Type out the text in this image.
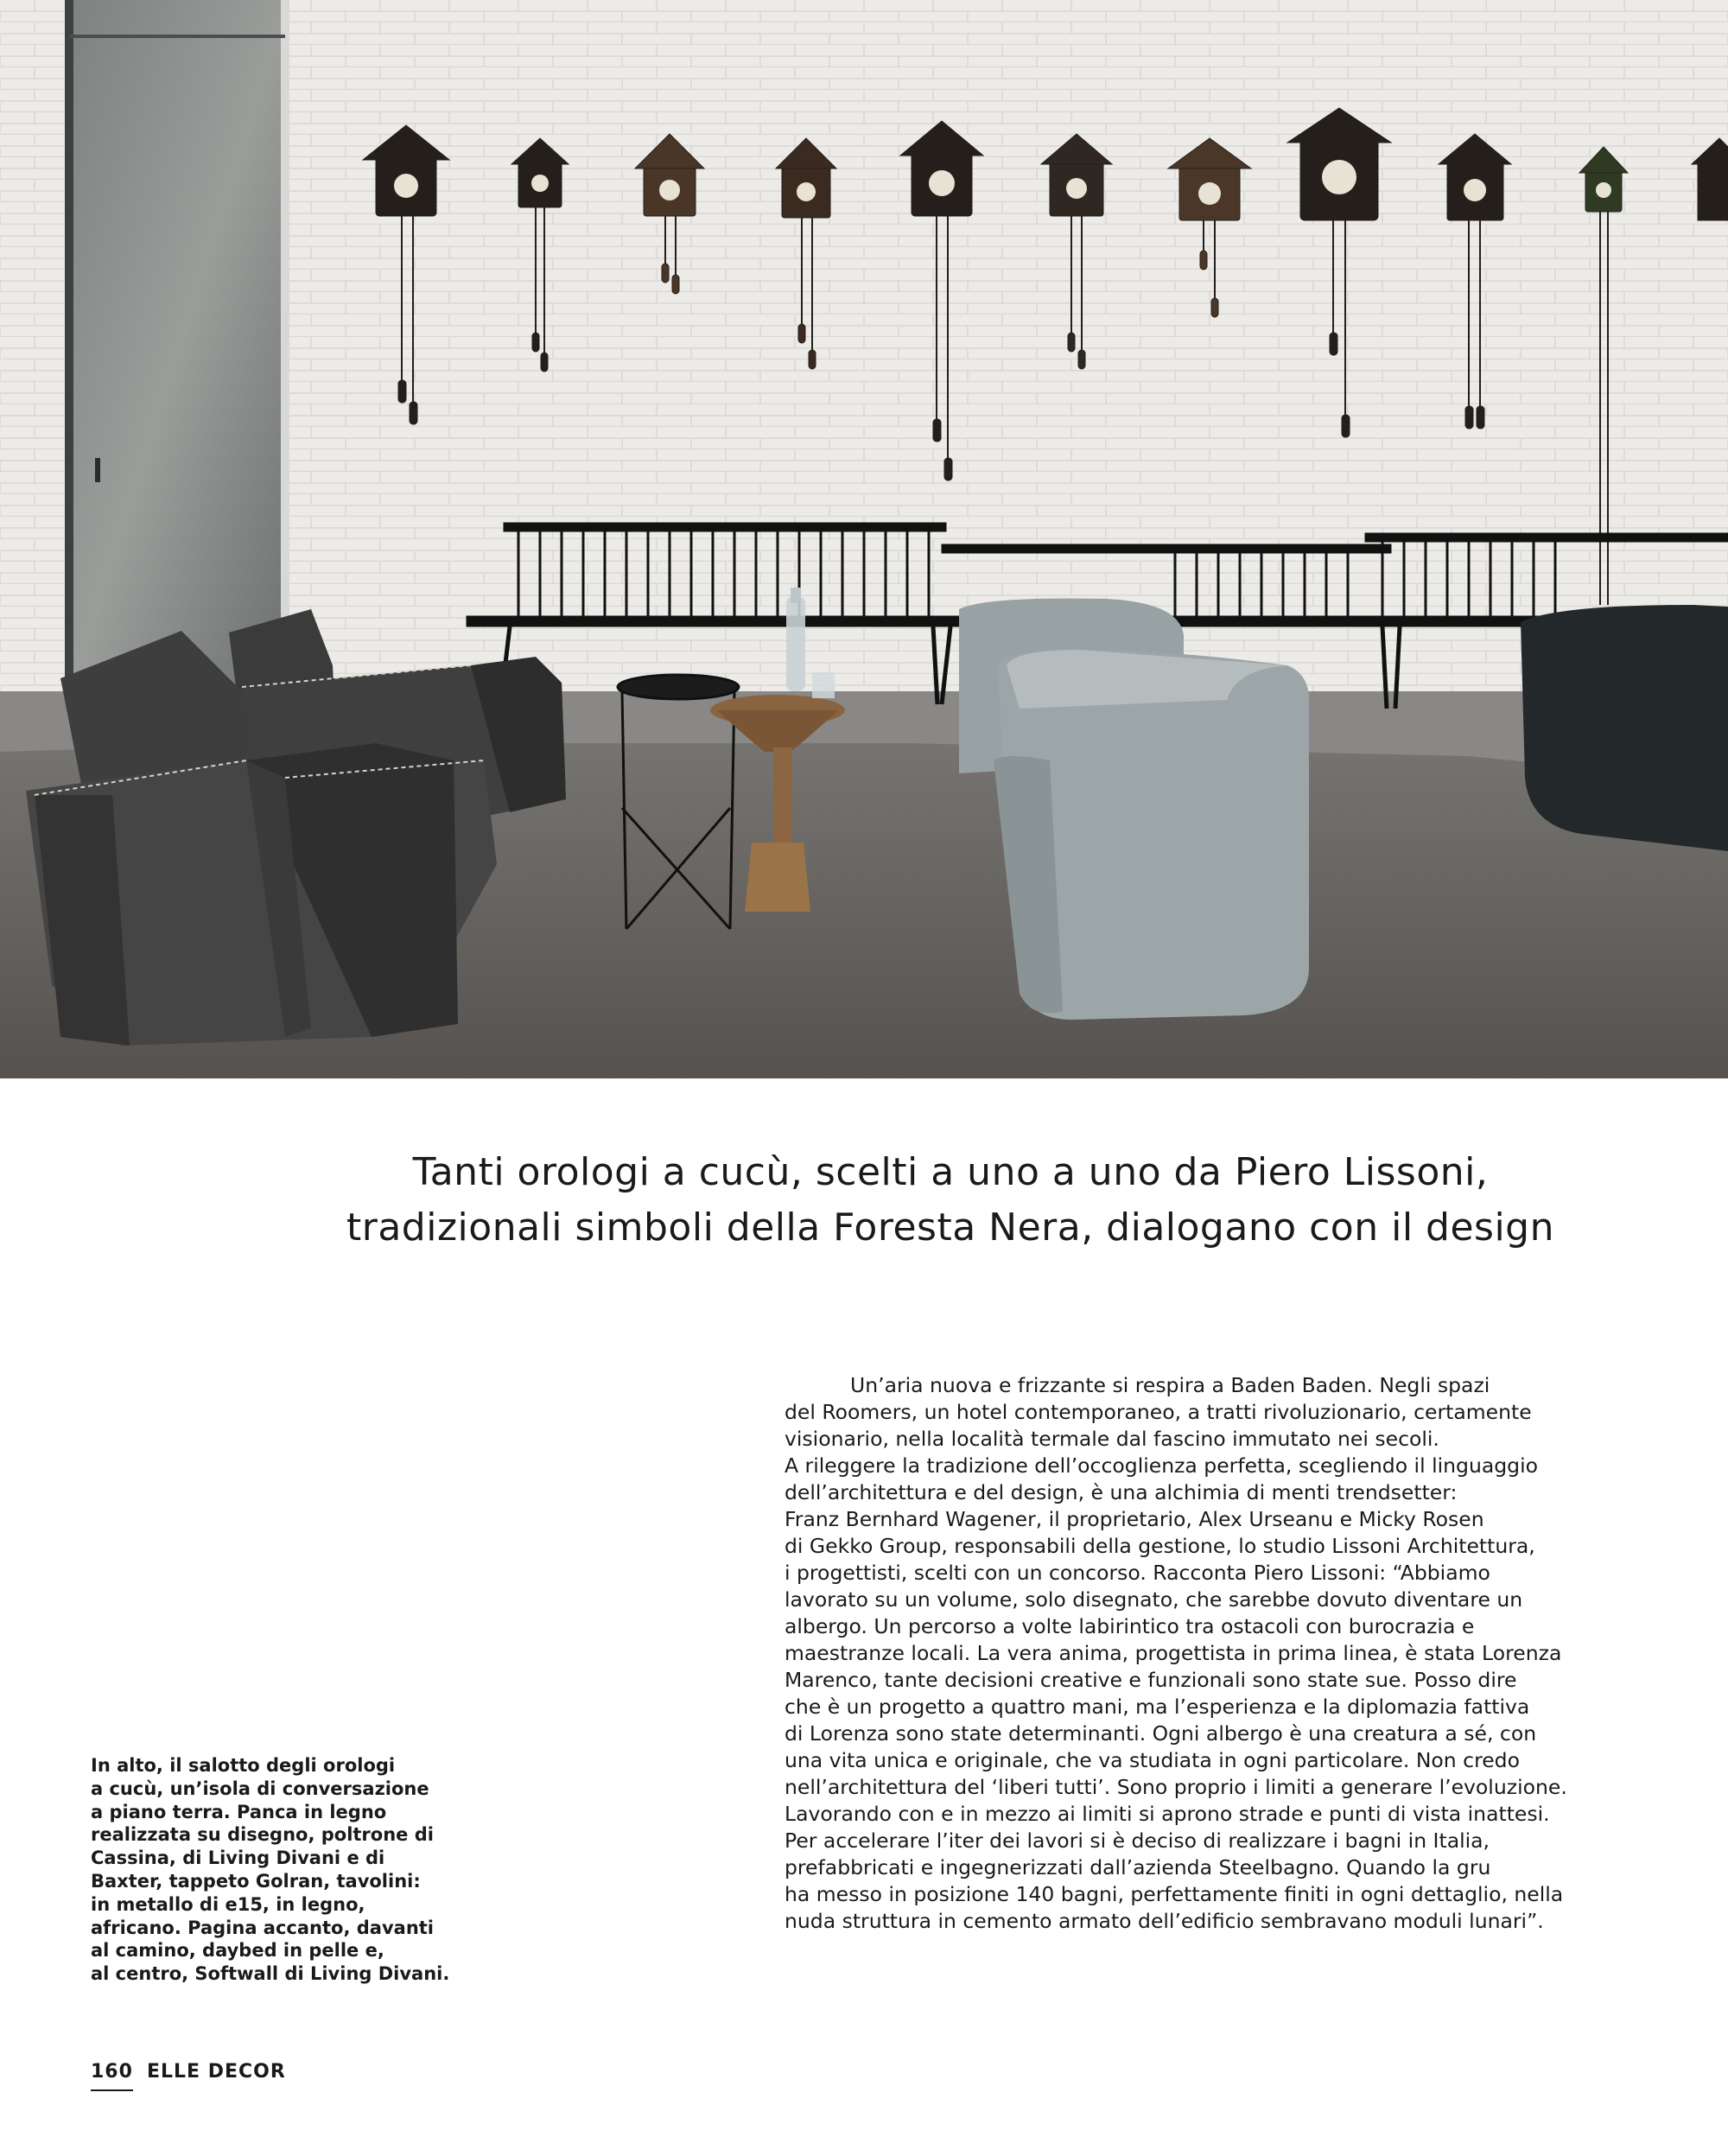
Tanti orologi a cucù, scelti a uno a uno da Piero Lissoni,
tradizionali simboli della Foresta Nera, dialogano con il design
In alto, il salotto degli orologi
a cucù, un’isola di conversazione
a piano terra. Panca in legno
realizzata su disegno, poltrone di
Cassina, di Living Divani e di
Baxter, tappeto Golran, tavolini:
in metallo di e15, in legno,
africano. Pagina accanto, davanti
al camino, daybed in pelle e,
al centro, Softwall di Living Divani.
Un’aria nuova e frizzante si respira a Baden Baden. Negli spazi
del Roomers, un hotel contemporaneo, a tratti rivoluzionario, certamente
visionario, nella località termale dal fascino immutato nei secoli.
A rileggere la tradizione dell’occoglienza perfetta, scegliendo il linguaggio
dell’architettura e del design, è una alchimia di menti trendsetter:
Franz Bernhard Wagener, il proprietario, Alex Urseanu e Micky Rosen
di Gekko Group, responsabili della gestione, lo studio Lissoni Architettura,
i progettisti, scelti con un concorso. Racconta Piero Lissoni: “Abbiamo
lavorato su un volume, solo disegnato, che sarebbe dovuto diventare un
albergo. Un percorso a volte labirintico tra ostacoli con burocrazia e
maestranze locali. La vera anima, progettista in prima linea, è stata Lorenza
Marenco, tante decisioni creative e funzionali sono state sue. Posso dire
che è un progetto a quattro mani, ma l’esperienza e la diplomazia fattiva
di Lorenza sono state determinanti. Ogni albergo è una creatura a sé, con
una vita unica e originale, che va studiata in ogni particolare. Non credo
nell’architettura del ‘liberi tutti’. Sono proprio i limiti a generare l’evoluzione.
Lavorando con e in mezzo ai limiti si aprono strade e punti di vista inattesi.
Per accelerare l’iter dei lavori si è deciso di realizzare i bagni in Italia,
prefabbricati e ingegnerizzati dall’azienda Steelbagno. Quando la gru
ha messo in posizione 140 bagni, perfettamente finiti in ogni dettaglio, nella
nuda struttura in cemento armato dell’edificio sembravano moduli lunari”.
160 ELLE DECOR
